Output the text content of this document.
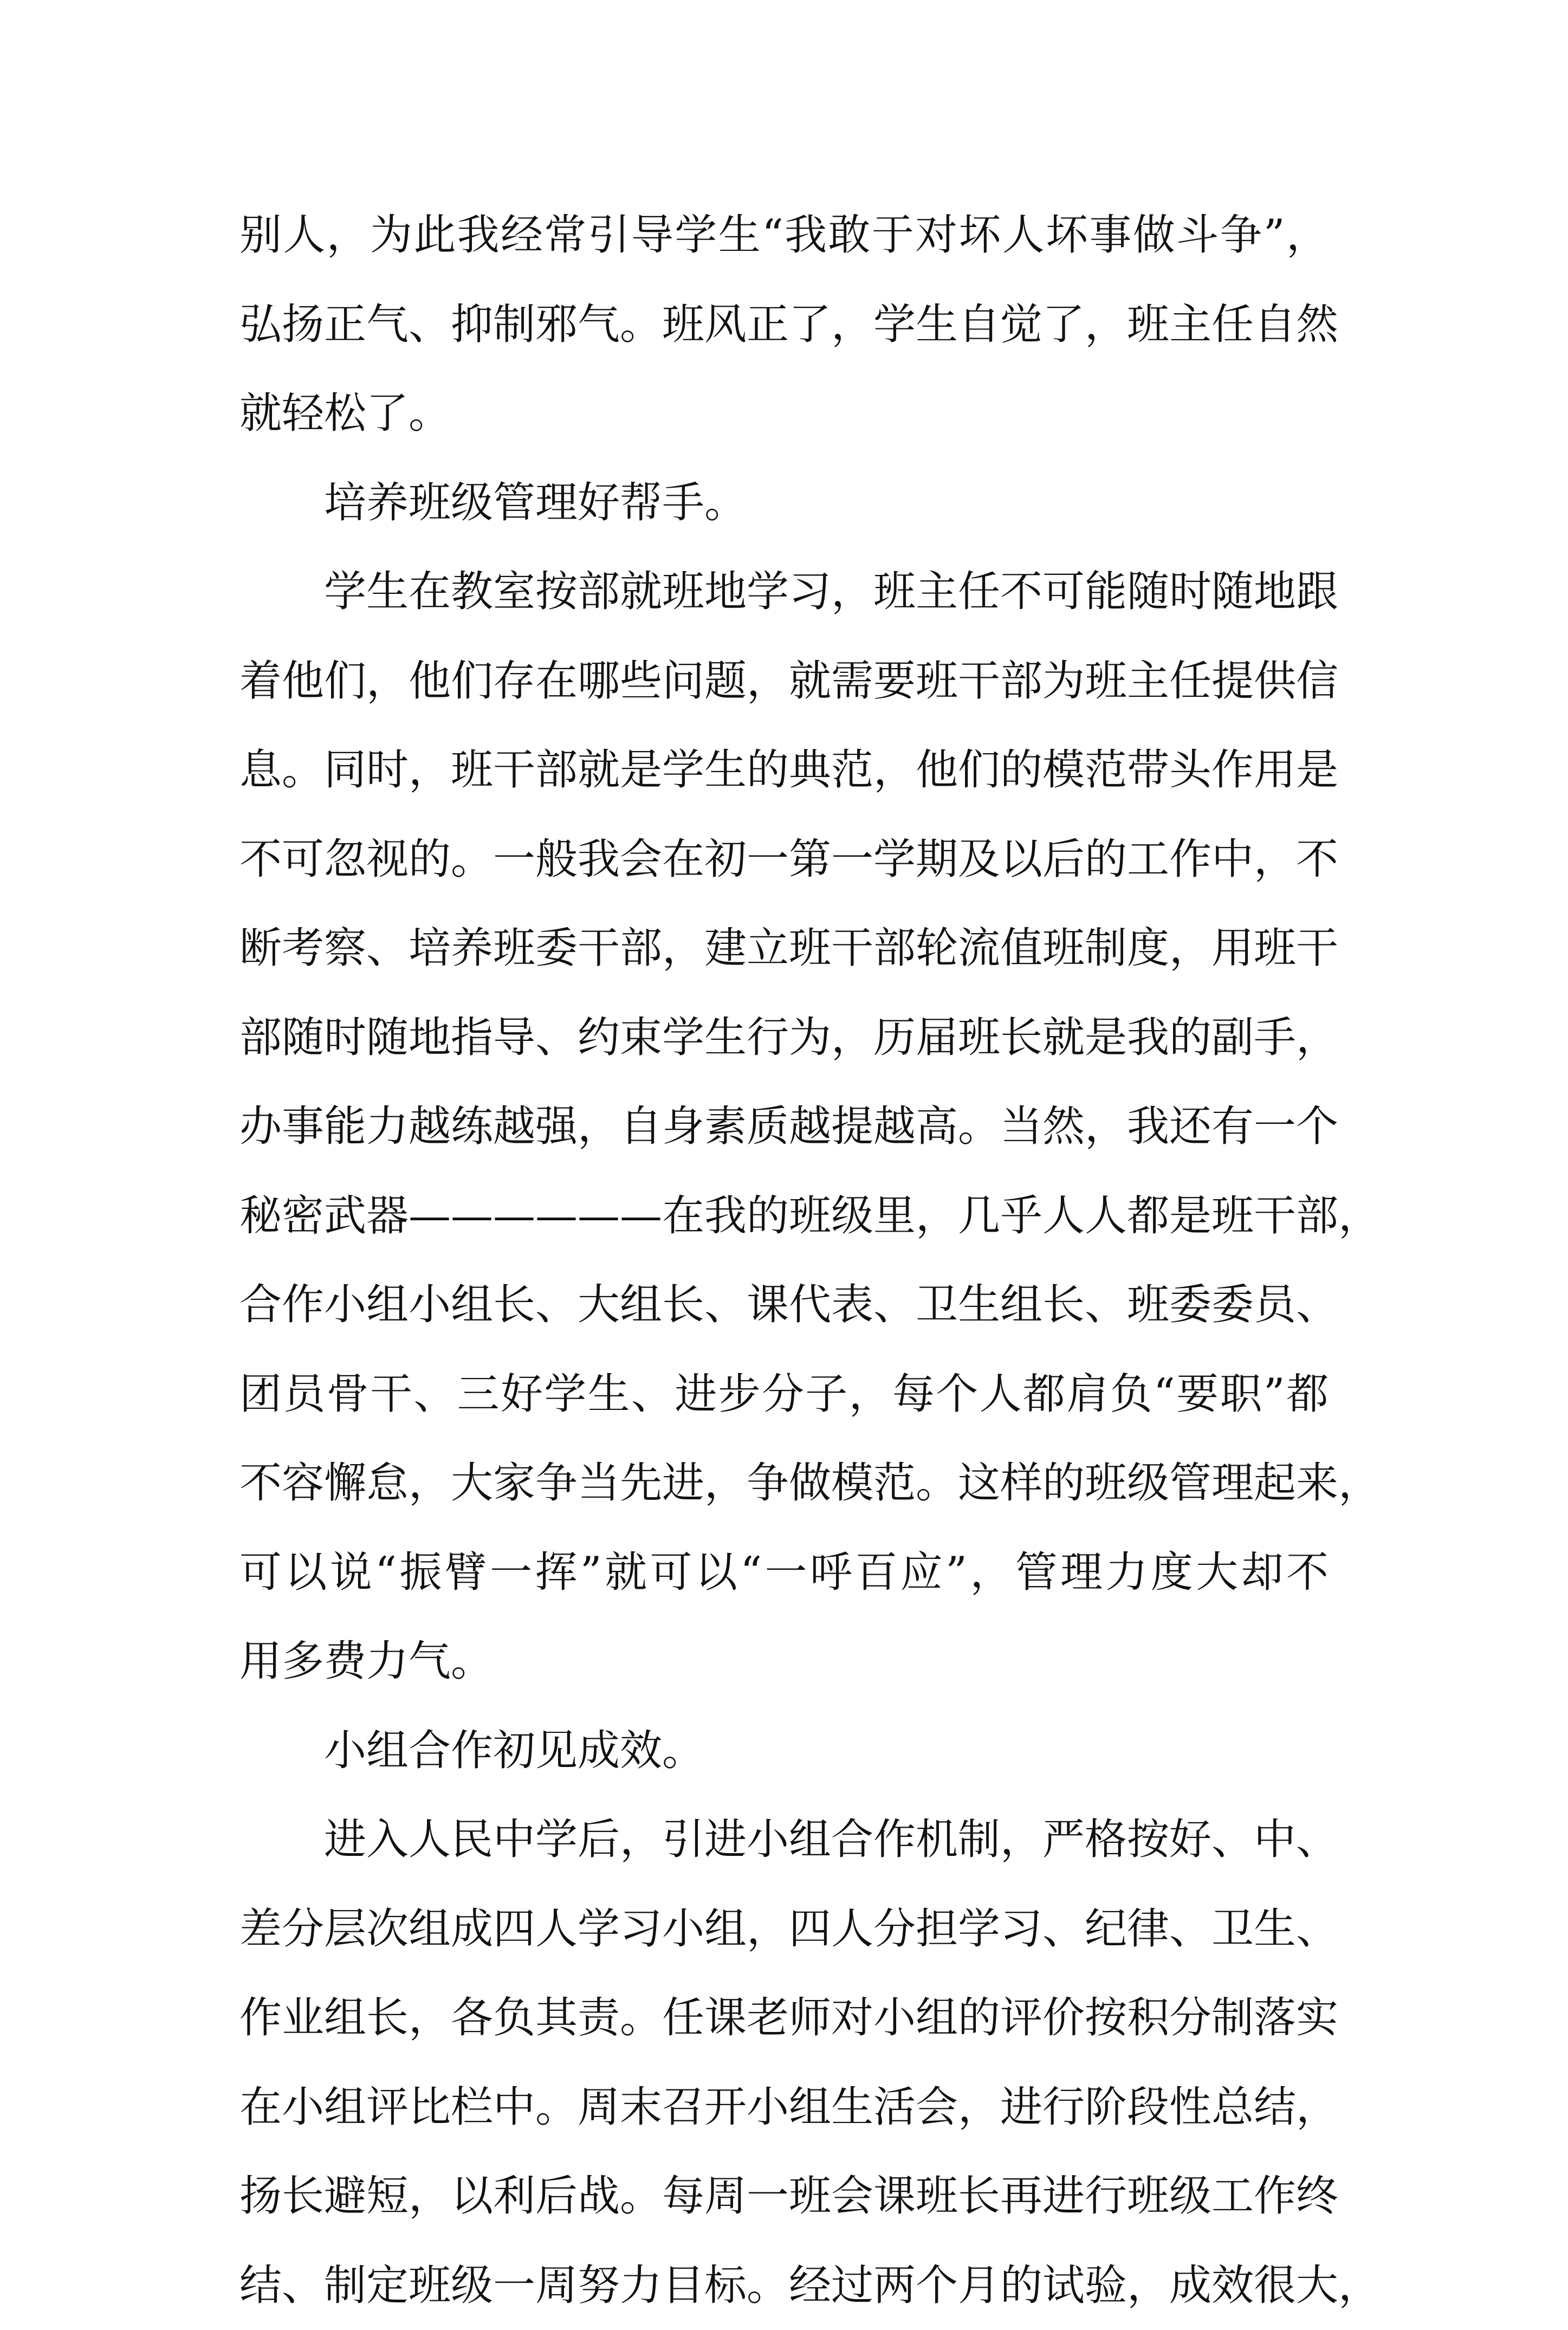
别人，为此我经常引导学生“我敢于对坏人坏事做斗争”，
弘扬正气、抑制邪气。班风正了，学生自觉了，班主任自然
就轻松了。
培养班级管理好帮手。
学生在教室按部就班地学习，班主任不可能随时随地跟
着他们，他们存在哪些问题，就需要班干部为班主任提供信
息。同时，班干部就是学生的典范，他们的模范带头作用是
不可忽视的。一般我会在初一第一学期及以后的工作中，不
断考察、培养班委干部，建立班干部轮流值班制度，用班干
部随时随地指导、约束学生行为，历届班长就是我的副手，
办事能力越练越强，自身素质越提越高。当然，我还有一个
秘密武器——————在我的班级里，几乎人人都是班干部，
合作小组小组长、大组长、课代表、卫生组长、班委委员、
团员骨干、三好学生、进步分子，每个人都肩负“要职”都
不容懈怠，大家争当先进，争做模范。这样的班级管理起来，
可以说“振臂一挥”就可以“一呼百应”，管理力度大却不
用多费力气。
小组合作初见成效。
进入人民中学后，引进小组合作机制，严格按好、中、
差分层次组成四人学习小组，四人分担学习、纪律、卫生、
作业组长，各负其责。任课老师对小组的评价按积分制落实
在小组评比栏中。周末召开小组生活会，进行阶段性总结，
扬长避短，以利后战。每周一班会课班长再进行班级工作终
结、制定班级一周努力目标。经过两个月的试验，成效很大，
